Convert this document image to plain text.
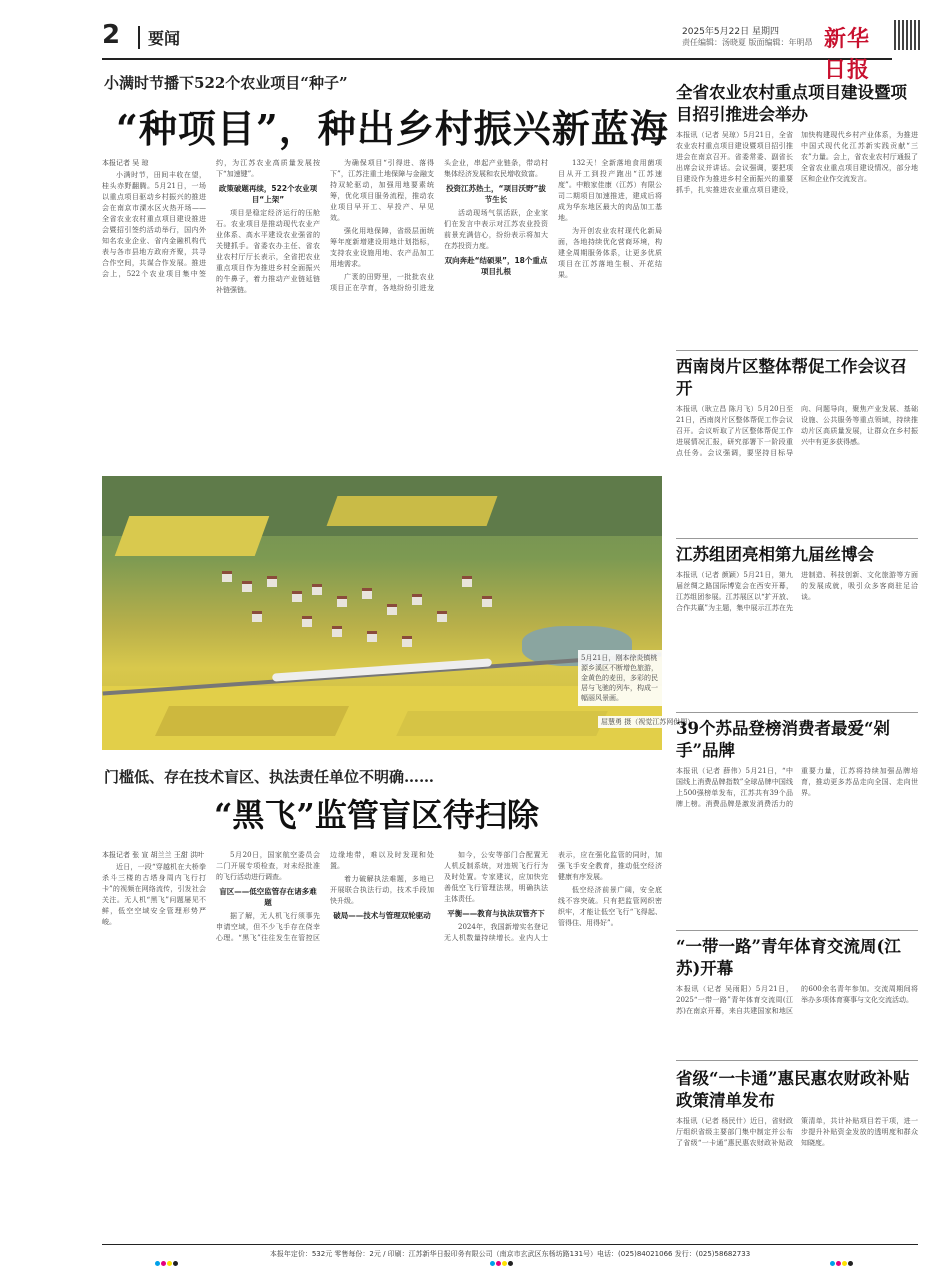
2	要闻	2025年5月22日 星期四
责任编辑：汤晓夏 版面编辑：年明昂 新华日报
小满时节播下522个农业项目“种子”
“种项目”，种出乡村振兴新蓝海
本报记者 吴 琼

小满时节，田间丰收在望，桂头赤野翻腾。5月21日，一场以重点项目驱动乡村振兴的推进会在南京市溧水区火热开场——全省农业农村重点项目建设推进会暨招引签约活动举行，国内外知名农业企业、省内金融机构代表与各市县地方政府齐聚，共寻合作空间，共谋合作发展。推进会上，522个农业项目集中签约，为江苏农业高质量发展按下“加速键”。

政策破题再续，522个农业项目“上架”

项目是稳定经济运行的压舱石。农业项目是推动现代农业产业体系、高水平建设农业强省的关键抓手。省委农办主任、省农业农村厅厅长表示，全省把农业重点项目作为推进乡村全面振兴的牛鼻子，着力推动产业链延链补链强链。

为确保项目“引得进、落得下”，江苏注重土地保障与金融支持双轮驱动，加强用地要素统筹，优化项目服务流程，推动农业项目早开工、早投产、早见效。

强化用地保障，省级层面统筹年度新增建设用地计划指标，支持农业设施用地、农产品加工用地需求。

广袤的田野里，一批批农业项目正在孕育，各地纷纷引进龙头企业，串起产业链条，带动村集体经济发展和农民增收致富。

投资江苏热土，“项目沃野”拔节生长

活动现场气氛活跃，企业家们在发言中表示对江苏农业投资前景充满信心，纷纷表示将加大在苏投资力度。

双向奔赴“结硕果”，18个重点项目扎根

132天！全新落地食用菌项目从开工到投产跑出“江苏速度”。中粮家佳康（江苏）有限公司二期项目加速推进，建成后将成为华东地区最大的肉品加工基地。

为开创农业农村现代化新局面，各地持续优化营商环境，构建全周期服务体系，让更多优质项目在江苏落地生根、开花结果。

5月21日，刚本徐炎镇桃源乡溪区不断增色旅游，金黄色的麦田，多彩的民居与飞驰的列车，构成一幅丽风景画。
屈慧勇 摄（视觉江苏网供图）
门槛低、存在技术盲区、执法责任单位不明确……
“黑飞”监管盲区待扫除
本报记者 张 宣 胡兰兰 王甜 洪叶

近日，一段“穿越机在大桥拳杀斗三楼的古塔身周内飞行打卡”的视频在网络流传，引发社会关注。无人机“黑飞”问题屡见不鲜，低空空域安全管理形势严峻。

5月20日，国家航空委员会二门开展专项检查，对未经批准的飞行活动进行调查。

盲区——低空监管存在诸多难题

据了解，无人机飞行须事先申请空域，但不少飞手存在侥幸心理。“黑飞”往往发生在管控区边缘地带，难以及时发现和处置。

着力破解执法难题，多地已开展联合执法行动，技术手段加快升级。

破局——技术与管理双轮驱动

如今，公安等部门合配置无人机反制系统，对违规飞行行为及时处置。专家建议，应加快完善低空飞行管理法规，明确执法主体责任。

平衡——教育与执法双管齐下

2024年，我国新增实名登记无人机数量持续增长。业内人士表示，应在强化监管的同时，加强飞手安全教育，推动低空经济健康有序发展。

低空经济前景广阔，安全底线不容突破。只有把监管网织密织牢，才能让低空飞行“飞得起、管得住、用得好”。

全省农业农村重点项目建设暨项目招引推进会举办
本报讯（记者 吴琼）5月21日，全省农业农村重点项目建设暨项目招引推进会在南京召开。省委常委、副省长出席会议并讲话。会议强调，要把项目建设作为推进乡村全面振兴的重要抓手，扎实推进农业重点项目建设，加快构建现代乡村产业体系，为推进中国式现代化江苏新实践贡献“三农”力量。会上，省农业农村厅通报了全省农业重点项目建设情况，部分地区和企业作交流发言。
西南岗片区整体帮促工作会议召开
本报讯（耿立昌 陈月飞）5月20日至21日，西南岗片区整体帮促工作会议召开。会议听取了片区整体帮促工作进展情况汇报，研究部署下一阶段重点任务。会议强调，要坚持目标导向、问题导向，聚焦产业发展、基础设施、公共服务等重点领域，持续推动片区高质量发展，让群众在乡村振兴中有更多获得感。
江苏组团亮相第九届丝博会
本报讯（记者 颜颖）5月21日，第九届丝绸之路国际博览会在西安开幕，江苏组团参展。江苏展区以“扩开放、合作共赢”为主题，集中展示江苏在先进制造、科技创新、文化旅游等方面的发展成就，吸引众多客商驻足洽谈。
39个苏品登榜消费者最爱“剁手”品牌
本报讯（记者 薛伟）5月21日，“中国线上消费品牌指数”全球品牌中国线上500强榜单发布，江苏共有39个品牌上榜。消费品牌是激发消费活力的重要力量，江苏将持续加强品牌培育，推动更多苏品走向全国、走向世界。
“一带一路”青年体育交流周(江苏)开幕
本报讯（记者 吴雨阳）5月21日，2025“一带一路”青年体育交流周(江苏)在南京开幕，来自共建国家和地区的600余名青年参加。交流周期间将举办多项体育赛事与文化交流活动。
省级“一卡通”惠民惠农财政补贴政策清单发布
本报讯（记者 杨民什）近日，省财政厅组织省级主要部门集中制定并公布了省级“一卡通”惠民惠农财政补贴政策清单，共计补贴项目若干项，进一步提升补贴资金发放的透明度和群众知晓度。
本报年定价：532元 零售每份：2元 / 印刷：江苏新华日报印务有限公司（南京市玄武区东杨坊路131号）电话：(025)84021066 发行：(025)58682733
